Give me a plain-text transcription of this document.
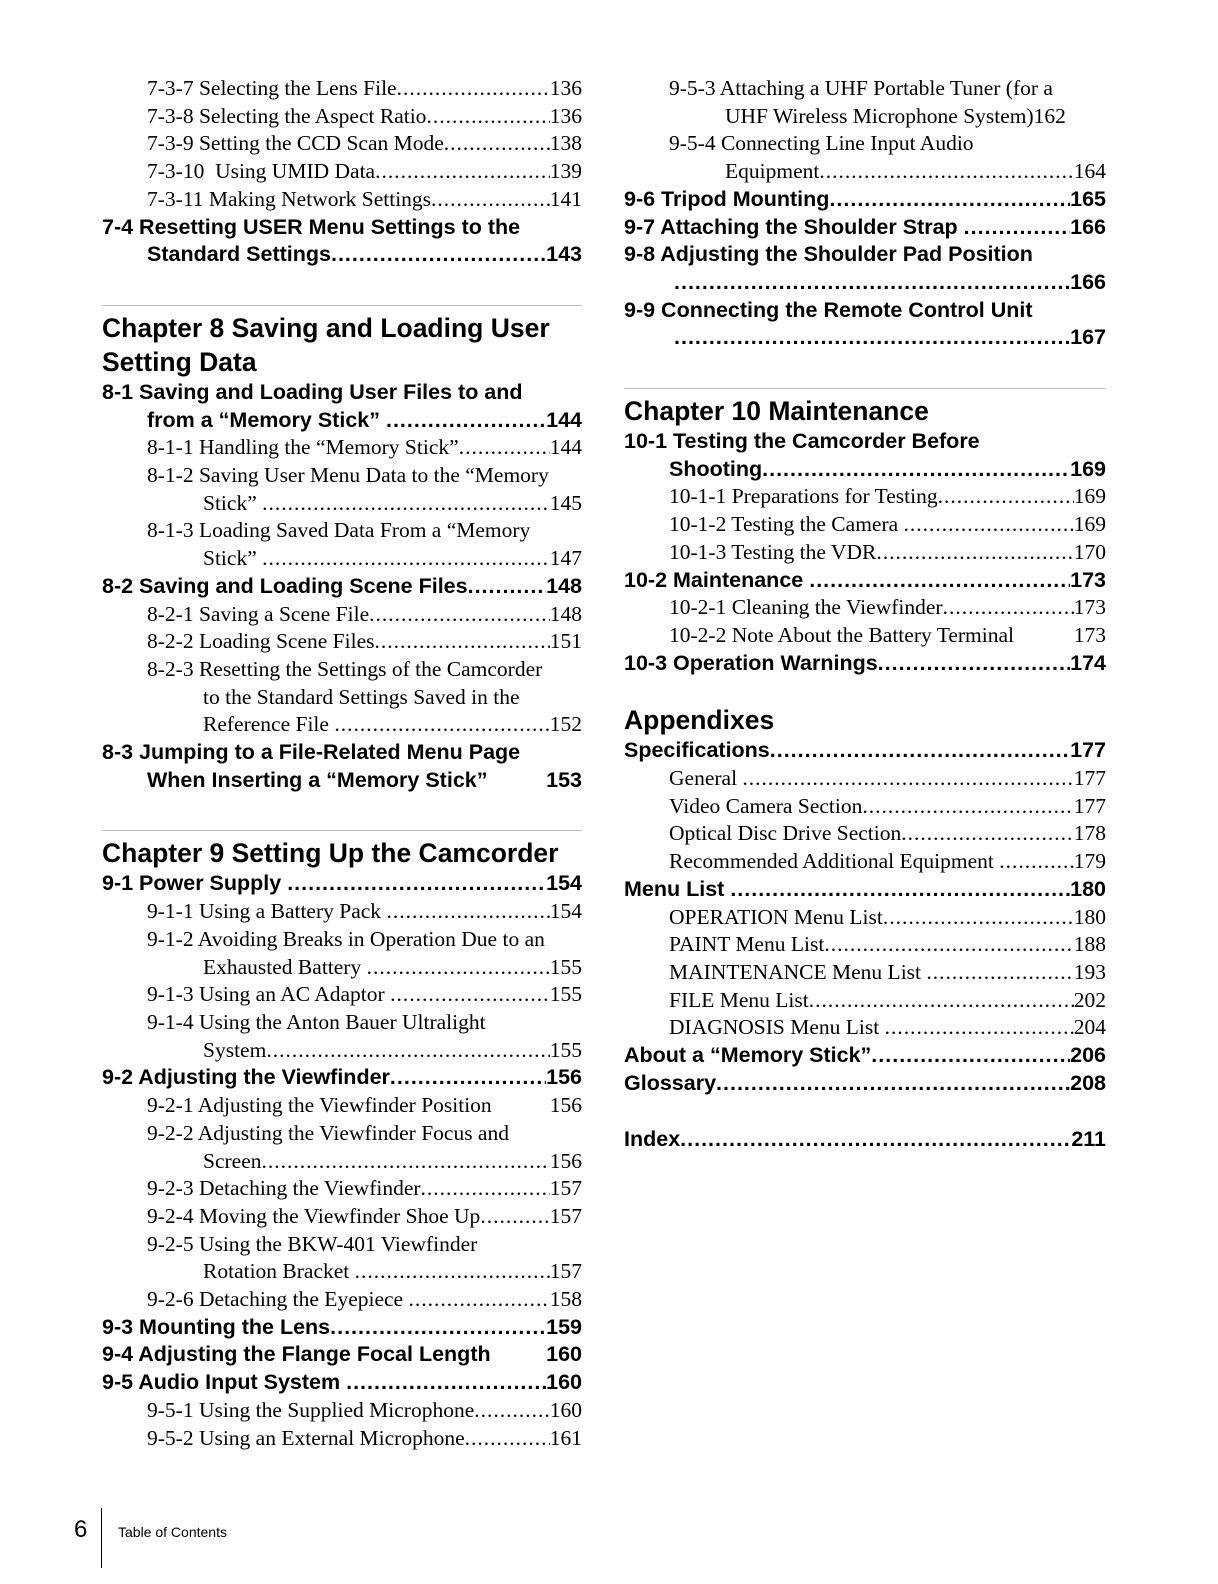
7-3-7 Selecting the Lens File .....	136
7-3-8 Selecting the Aspect Ratio .....	136
7-3-9 Setting the CCD Scan Mode .....	138
7-3-10  Using UMID Data .....	139
7-3-11 Making Network Settings .....	141
7-4 Resetting USER Menu Settings to the
Standard Settings .....	143
Chapter 8 Saving and Loading User
Setting Data
8-1 Saving and Loading User Files to and
from a “Memory Stick” .....	144
8-1-1 Handling the “Memory Stick” .....	144
8-1-2 Saving User Menu Data to the “Memory
Stick” .....	145
8-1-3 Loading Saved Data From a “Memory
Stick” .....	147
8-2 Saving and Loading Scene Files .....	148
8-2-1 Saving a Scene File .....	148
8-2-2 Loading Scene Files .....	151
8-2-3 Resetting the Settings of the Camcorder
to the Standard Settings Saved in the
Reference File .....	152
8-3 Jumping to a File-Related Menu Page
When Inserting a “Memory Stick”	153
Chapter 9 Setting Up the Camcorder
9-1 Power Supply .....	154
9-1-1 Using a Battery Pack .....	154
9-1-2 Avoiding Breaks in Operation Due to an
Exhausted Battery .....	155
9-1-3 Using an AC Adaptor .....	155
9-1-4 Using the Anton Bauer Ultralight
System .....	155
9-2 Adjusting the Viewfinder .....	156
9-2-1 Adjusting the Viewfinder Position	156
9-2-2 Adjusting the Viewfinder Focus and
Screen .....	156
9-2-3 Detaching the Viewfinder .....	157
9-2-4 Moving the Viewfinder Shoe Up .....	157
9-2-5 Using the BKW-401 Viewfinder
Rotation Bracket .....	157
9-2-6 Detaching the Eyepiece .....	158
9-3 Mounting the Lens .....	159
9-4 Adjusting the Flange Focal Length	160
9-5 Audio Input System .....	160
9-5-1 Using the Supplied Microphone .....	160
9-5-2 Using an External Microphone .....	161
9-5-3 Attaching a UHF Portable Tuner (for a
UHF Wireless Microphone System) 162
9-5-4 Connecting Line Input Audio
Equipment .....	164
9-6 Tripod Mounting .....	165
9-7 Attaching the Shoulder Strap .....	166
9-8 Adjusting the Shoulder Pad Position
.....
166
9-9 Connecting the Remote Control Unit
.....
167
Chapter 10 Maintenance
10-1 Testing the Camcorder Before
Shooting .....	169
10-1-1 Preparations for Testing .....	169
10-1-2 Testing the Camera .....	169
10-1-3 Testing the VDR .....	170
10-2 Maintenance .....	173
10-2-1 Cleaning the Viewfinder .....	173
10-2-2 Note About the Battery Terminal	173
10-3 Operation Warnings .....	174
Appendixes
Specifications .....	177
General .....	177
Video Camera Section .....	177
Optical Disc Drive Section .....	178
Recommended Additional Equipment .....	179
Menu List .....	180
OPERATION Menu List .....	180
PAINT Menu List .....	188
MAINTENANCE Menu List .....	193
FILE Menu List .....	202
DIAGNOSIS Menu List .....	204
About a “Memory Stick” .....	206
Glossary .....	208
Index .....	211
6 Table of Contents
